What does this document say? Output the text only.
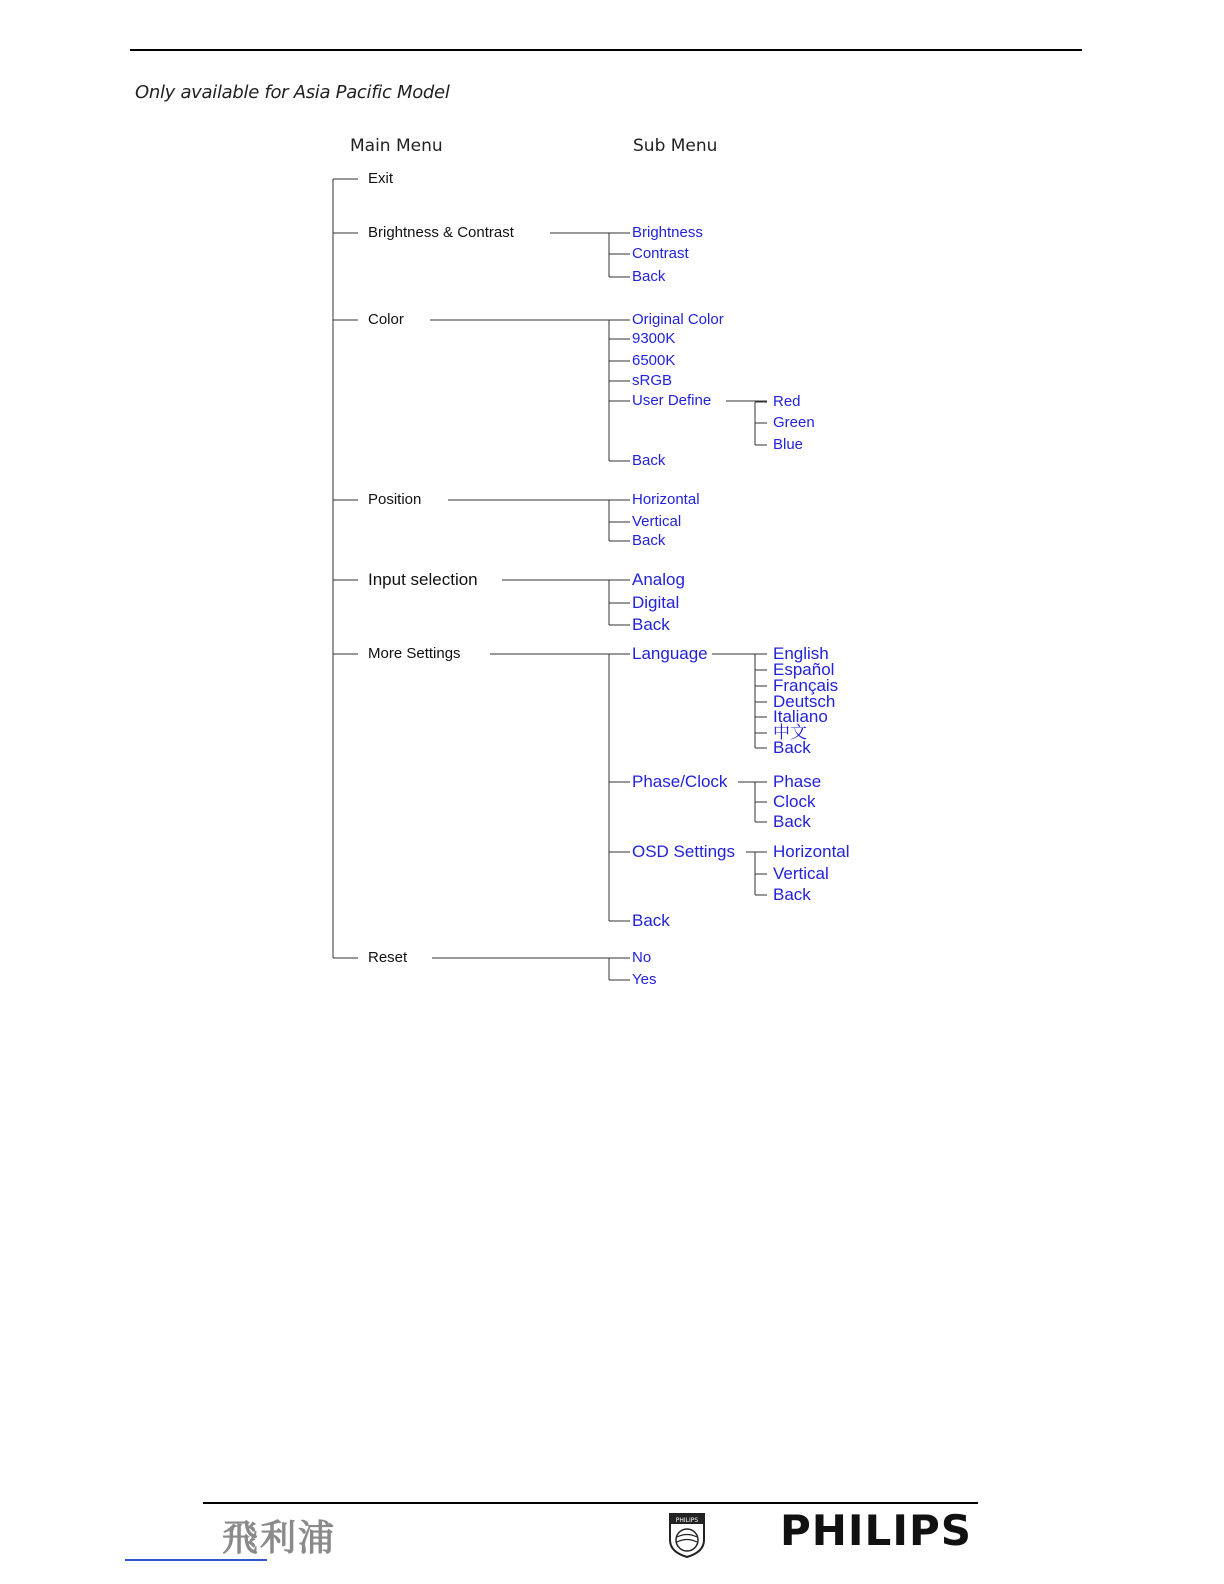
Only available for Asia Pacific Model
Main Menu	Sub Menu
Exit
Brightness & Contrast	Brightness
Contrast
Back
Color	Original Color
9300K
6500K
sRGB
User Define	Red
Green
Blue
Back
Position	Horizontal
Vertical
Back
Input selection	Analog
Digital
Back
More Settings	Language	English
Español
Français
Deutsch
Italiano
中文
Back
Phase/Clock	Phase
Clock
Back
OSD Settings Horizontal
Vertical
Back
Back
Reset	No
Yes
飛利浦	PHILIPS PHILIPS
